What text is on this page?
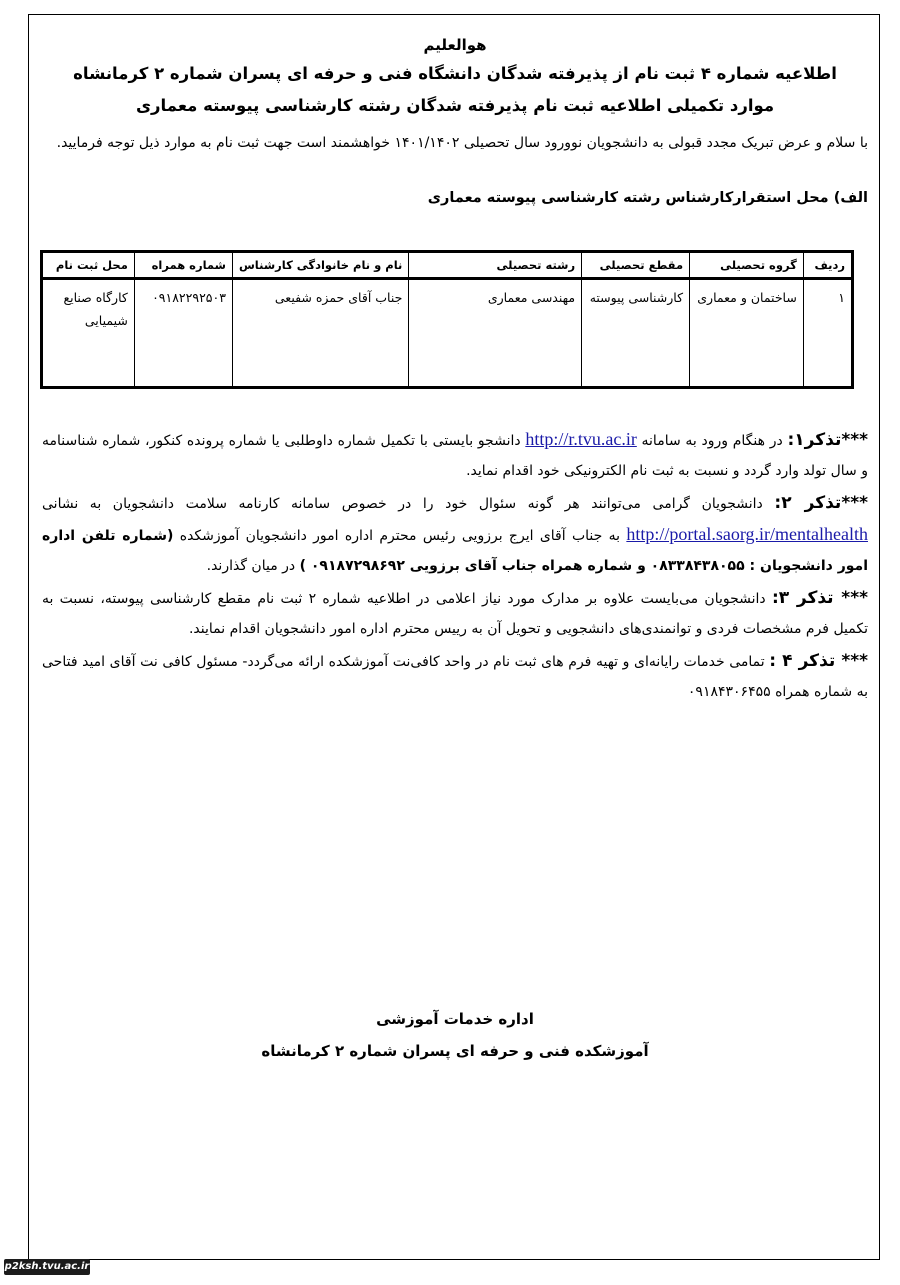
هوالعلیم
اطلاعیه شماره ۴ ثبت نام از پذیرفته شدگان دانشگاه فنی و حرفه ای پسران شماره ۲ کرمانشاه
موارد تکمیلی اطلاعیه ثبت نام پذیرفته شدگان رشته کارشناسی پیوسته معماری
با سلام و عرض تبریک مجدد قبولی به دانشجویان نوورود سال تحصیلی ۱۴۰۱/۱۴۰۲ خواهشمند است جهت ثبت نام به موارد ذیل توجه فرمایید.
الف) محل استقرارکارشناس رشته کارشناسی پیوسته معماری
ردیف	گروه تحصیلی	مقطع تحصیلی	رشته تحصیلی	نام و نام خانوادگی کارشناس	شماره همراه	محل ثبت نام
۱	ساختمان و معماری	کارشناسی پیوسته	مهندسی معماری	جناب آقای حمزه شفیعی	۰۹۱۸۲۲۹۲۵۰۳	کارگاه صنایع شیمیایی

***تذکر۱: در هنگام ورود به سامانه http://r.tvu.ac.ir دانشجو بایستی با تکمیل شماره داوطلبی یا شماره پرونده کنکور، شماره شناسنامه و سال تولد وارد گردد و نسبت به ثبت نام الکترونیکی خود اقدام نماید.

***تذکر ۲: دانشجویان گرامی می‌توانند هر گونه سئوال خود را در خصوص سامانه کارنامه سلامت دانشجویان به نشانی http://portal.saorg.ir/mentalhealth به جناب آقای ایرج برزویی رئیس محترم اداره امور دانشجویان آموزشکده (شماره تلفن اداره امور دانشجویان : ۰۸۳۳۸۴۳۸۰۵۵ و شماره همراه جناب آقای برزویی ۰۹۱۸۷۲۹۸۶۹۲ ) در میان گذارند.

*** تذکر ۳: دانشجویان می‌بایست علاوه بر مدارک مورد نیاز اعلامی در اطلاعیه شماره ۲ ثبت نام مقطع کارشناسی پیوسته، نسبت به تکمیل فرم مشخصات فردی و توانمندی‌های دانشجویی و تحویل آن به رییس محترم اداره امور دانشجویان اقدام نمایند.

*** تذکر ۴ : تمامی خدمات رایانه‌ای و تهیه فرم های ثبت نام در واحد کافی‌نت آموزشکده ارائه می‌گردد- مسئول کافی نت آقای امید فتاحی به شماره همراه ۰۹۱۸۴۳۰۶۴۵۵

اداره خدمات آموزشی
آموزشکده فنی و حرفه ای پسران شماره ۲ کرمانشاه
p2ksh.tvu.ac.ir
